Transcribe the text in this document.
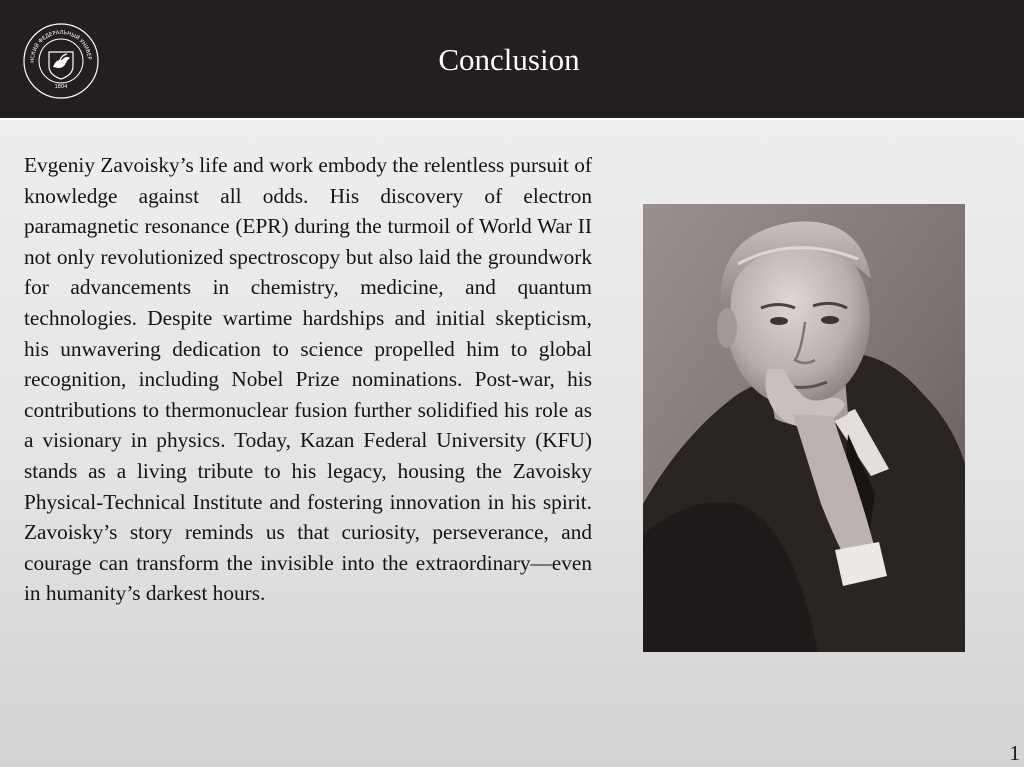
НСКИЙ ФЕДЕРАЛЬНЫЙ УНИВЕР
1804
Conclusion

Evgeniy Zavoisky’s life and work embody the relentless pursuit of knowledge against all odds. His discovery of electron paramagnetic resonance (EPR) during the turmoil of World War II not only revolutionized spectroscopy but also laid the groundwork for advancements in chemistry, medicine, and quantum technologies. Despite wartime hardships and initial skepticism, his unwavering dedication to science propelled him to global recognition, including Nobel Prize nominations. Post-war, his contributions to thermonuclear fusion further solidified his role as a visionary in physics. Today, Kazan Federal University (KFU) stands as a living tribute to his legacy, housing the Zavoisky Physical-Technical Institute and fostering innovation in his spirit. Zavoisky’s story reminds us that curiosity, perseverance, and courage can transform the invisible into the extraordinary—even in humanity’s darkest hours.

1
